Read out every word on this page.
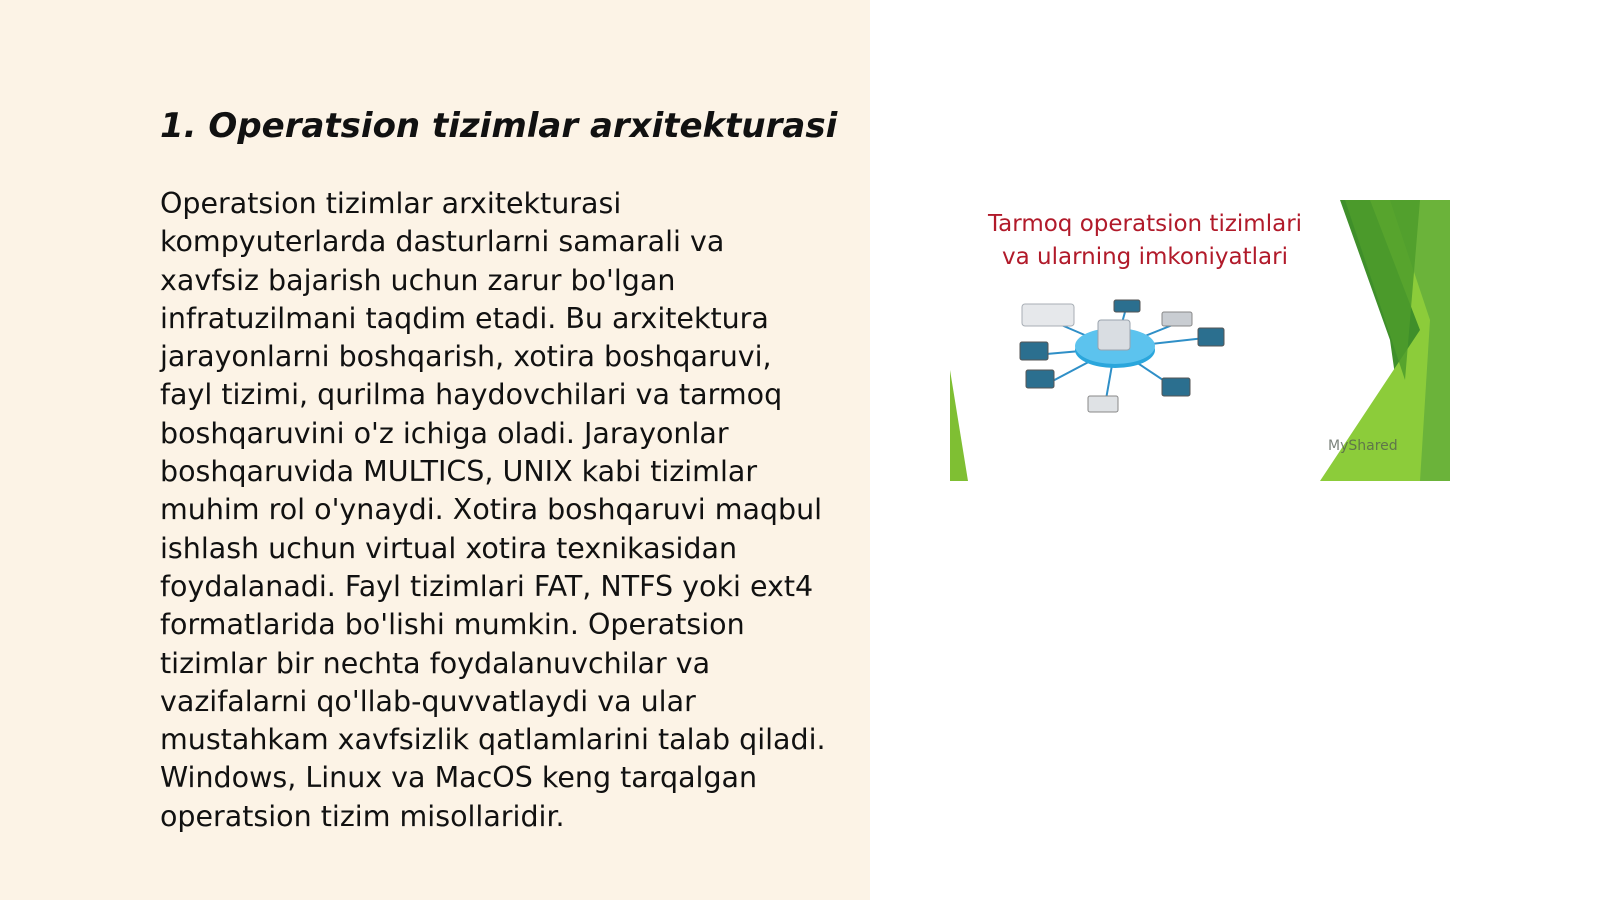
1. Operatsion tizimlar arxitekturasi

Operatsion tizimlar arxitekturasi kompyuterlarda dasturlarni samarali va xavfsiz bajarish uchun zarur bo'lgan infratuzilmani taqdim etadi. Bu arxitektura jarayonlarni boshqarish, xotira boshqaruvi, fayl tizimi, qurilma haydovchilari va tarmoq boshqaruvini o'z ichiga oladi. Jarayonlar boshqaruvida MULTICS, UNIX kabi tizimlar muhim rol o'ynaydi. Xotira boshqaruvi maqbul ishlash uchun virtual xotira texnikasidan foydalanadi. Fayl tizimlari FAT, NTFS yoki ext4 formatlarida bo'lishi mumkin. Operatsion tizimlar bir nechta foydalanuvchilar va vazifalarni qo'llab-quvvatlaydi va ular mustahkam xavfsizlik qatlamlarini talab qiladi. Windows, Linux va MacOS keng tarqalgan operatsion tizim misollaridir.

Tarmoq operatsion tizimlari
va ularning imkoniyatlari

MyShared
